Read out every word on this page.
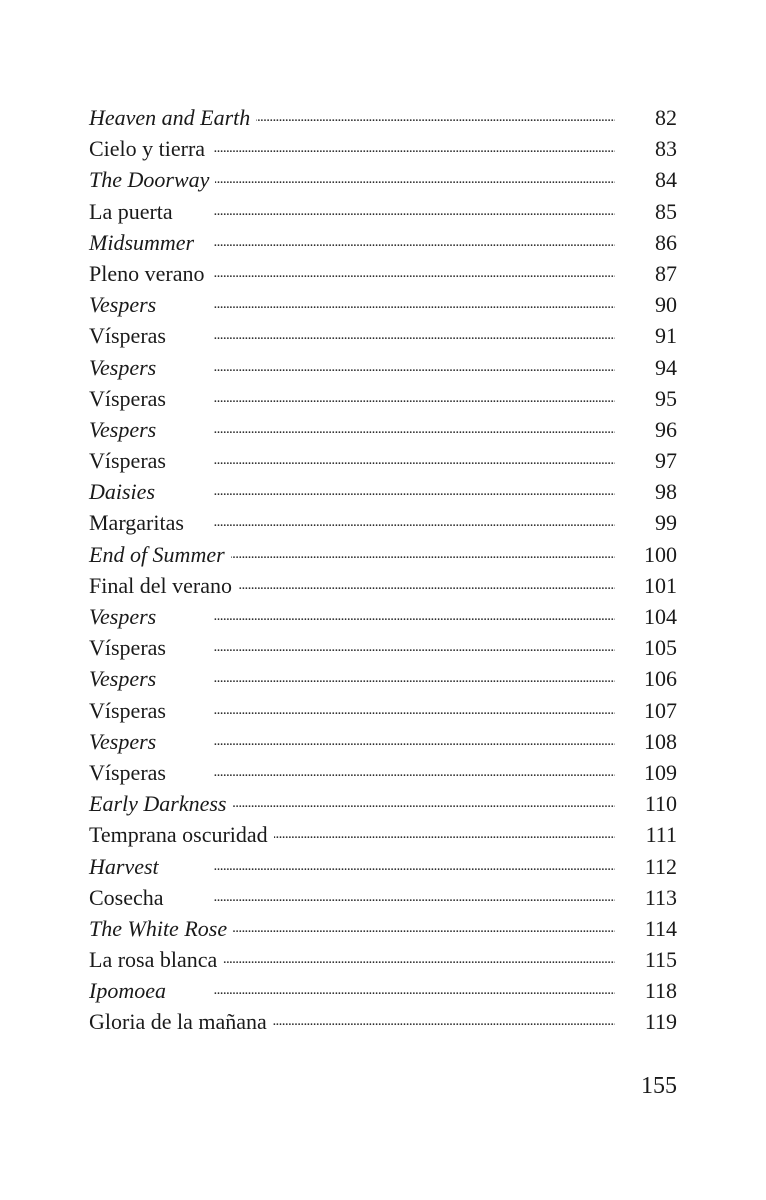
. . .
Heaven and Earth	82
. . .
Cielo y tierra	83
. . .
The Doorway	84
. . .
La puerta	85
. . .
Midsummer	86
. . .
Pleno verano	87
. . .
Vespers	90
. . .
Vísperas	91
. . .
Vespers	94
. . .
Vísperas	95
. . .
Vespers	96
. . .
Vísperas	97
. . .
Daisies	98
. . .
Margaritas	99
. . .
End of Summer	100
. . .
Final del verano	101
. . .
Vespers	104
. . .
Vísperas	105
. . .
Vespers	106
. . .
Vísperas	107
. . .
Vespers	108
. . .
Vísperas	109
. . .
Early Darkness	110
. . .
Temprana oscuridad	111
. . .
Harvest	112
. . .
Cosecha	113
. . .
The White Rose	114
. . .
La rosa blanca	115
. . .
Ipomoea	118
. . .
Gloria de la mañana	119
155
